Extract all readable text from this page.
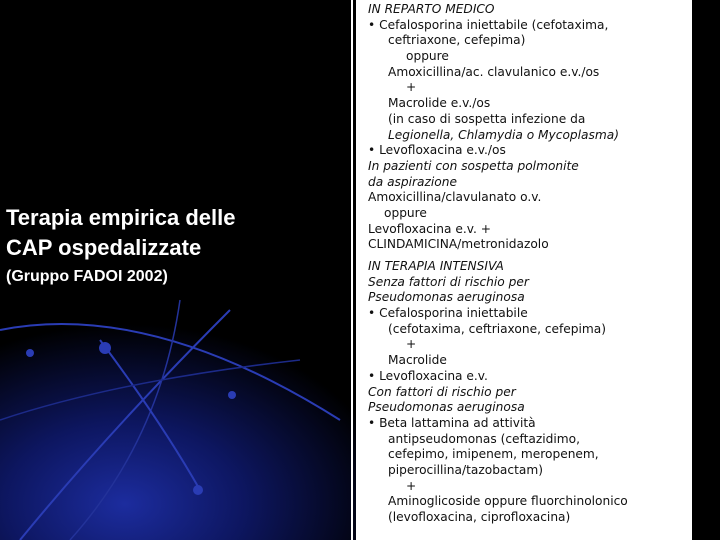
Terapia empirica delle
CAP ospedalizzate
(Gruppo FADOI 2002)
IN REPARTO MEDICO
• Cefalosporina iniettabile (cefotaxima,
ceftriaxone, cefepima)
oppure
Amoxicillina/ac. clavulanico e.v./os
+
Macrolide e.v./os
(in caso di sospetta infezione da
Legionella, Chlamydia o Mycoplasma)
• Levofloxacina e.v./os
In pazienti con sospetta polmonite
da aspirazione
Amoxicillina/clavulanato o.v.
oppure
Levofloxacina e.v. +
CLINDAMICINA/metronidazolo
IN TERAPIA INTENSIVA
Senza fattori di rischio per
Pseudomonas aeruginosa
• Cefalosporina iniettabile
(cefotaxima, ceftriaxone, cefepima)
+
Macrolide
• Levofloxacina e.v.
Con fattori di rischio per
Pseudomonas aeruginosa
• Beta lattamina ad attività
antipseudomonas (ceftazidimo,
cefepimo, imipenem, meropenem,
piperocillina/tazobactam)
+
Aminoglicoside oppure fluorchinolonico
(levofloxacina, ciprofloxacina)
